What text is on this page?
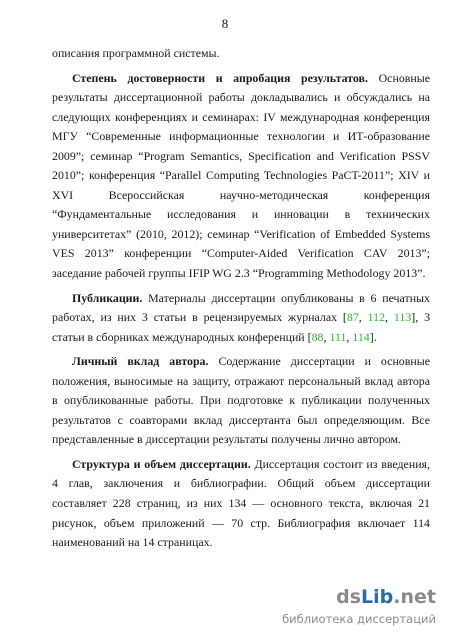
8

описания программной системы.

Степень достоверности и апробация результатов. Основные результаты диссертационной работы докладывались и обсуждались на следующих конференциях и семинарах: IV международная конференция МГУ “Современные информационные технологии и ИТ-образование 2009”; семинар “Program Semantics, Specification and Verification PSSV 2010”; конференция “Parallel Computing Technologies PaCT-2011”; XIV и XVI Всероссийская научно-методическая конференция “Фундаментальные исследования и инновации в технических университетах” (2010, 2012); семинар “Verification of Embedded Systems VES 2013” конференции “Computer-Aided Verification CAV 2013”; заседание рабочей группы IFIP WG 2.3 “Programming Methodology 2013”.

Публикации. Материалы диссертации опубликованы в 6 печатных работах, из них 3 статьи в рецензируемых журналах [87, 112, 113], 3 статьи в сборниках международных конференций [88, 111, 114].

Личный вклад автора. Содержание диссертации и основные положения, выносимые на защиту, отражают персональный вклад автора в опубликованные работы. При подготовке к публикации полученных результатов с соавторами вклад диссертанта был определяющим. Все представленные в диссертации результаты получены лично автором.

Структура и объем диссертации. Диссертация состоит из введения, 4 глав, заключения и библиографии. Общий объем диссертации составляет 228 страниц, из них 134 — основного текста, включая 21 рисунок, объем приложений — 70 стр. Библиография включает 114 наименований на 14 страницах.

dsLib.net
библиотека диссертаций
